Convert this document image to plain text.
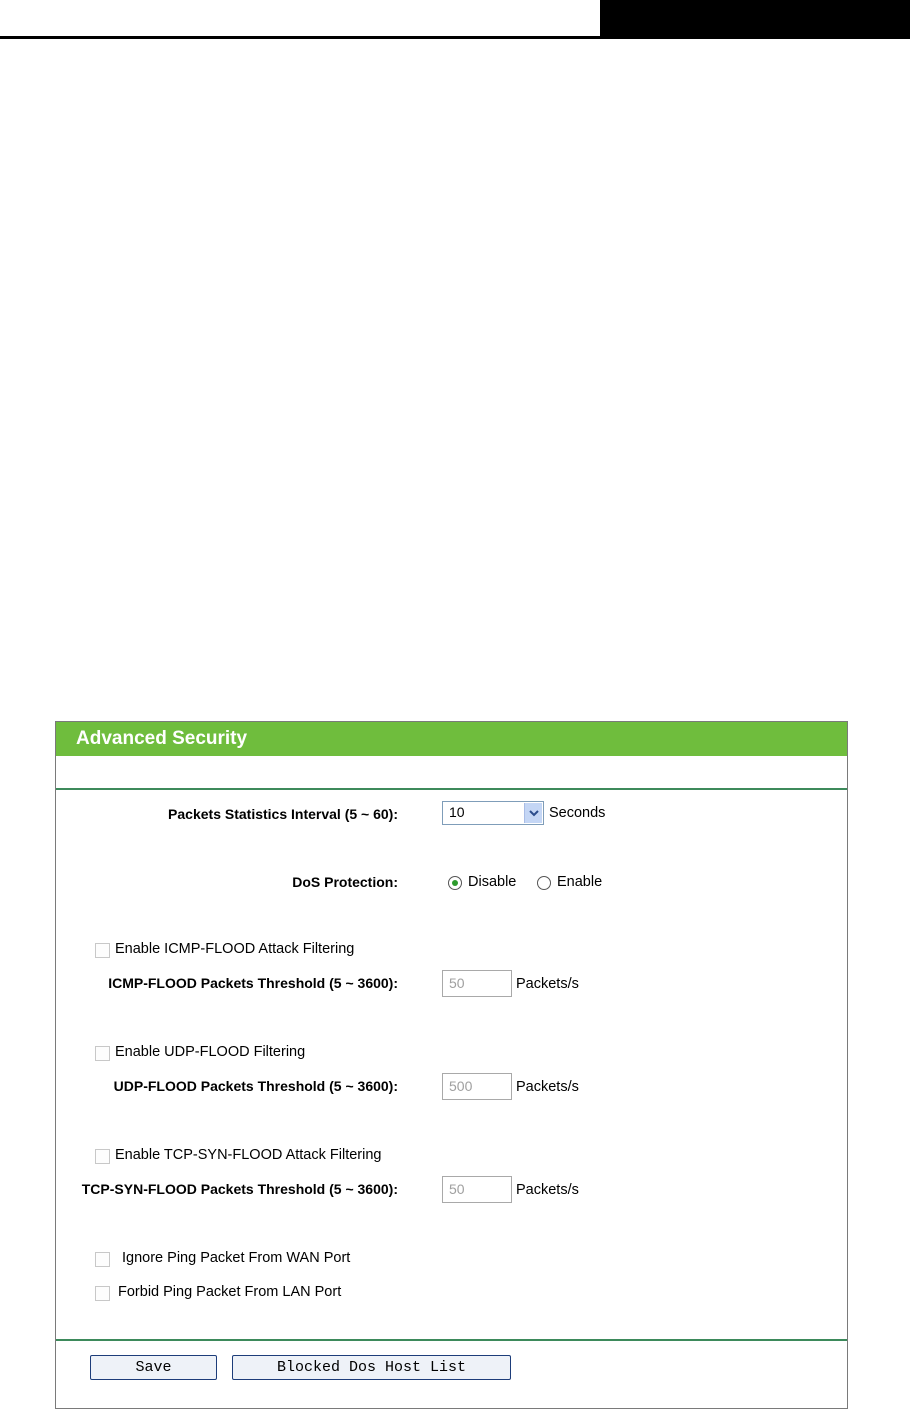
Advanced Security
Packets Statistics Interval (5 ~ 60):	10	Seconds
DoS Protection:	Disable	Enable
Enable ICMP-FLOOD Attack Filtering
ICMP-FLOOD Packets Threshold (5 ~ 3600):	50	Packets/s
Enable UDP-FLOOD Filtering
UDP-FLOOD Packets Threshold (5 ~ 3600):	500	Packets/s
Enable TCP-SYN-FLOOD Attack Filtering
TCP-SYN-FLOOD Packets Threshold (5 ~ 3600):	50	Packets/s
Ignore Ping Packet From WAN Port
Forbid Ping Packet From LAN Port
Save	Blocked Dos Host List
